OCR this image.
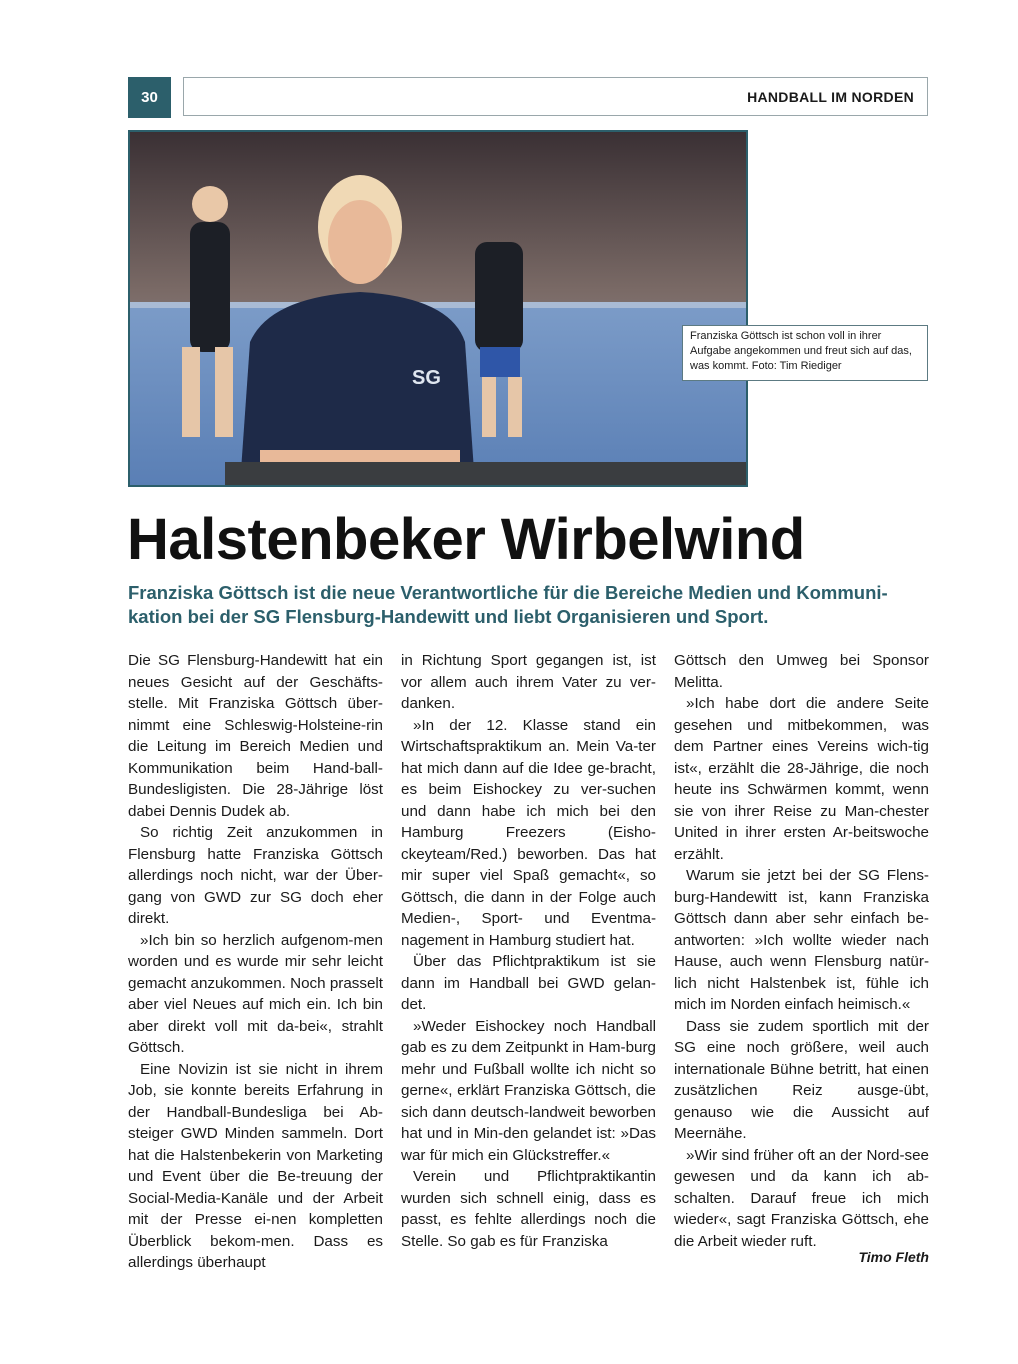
30	HANDBALL IM NORDEN
SG
Franziska Göttsch ist schon voll in ihrer Aufgabe angekommen und freut sich auf das, was kommt. Foto: Tim Riediger
Halstenbeker Wirbelwind

Franziska Göttsch ist die neue Verantwortliche für die Bereiche Medien und Kommuni-kation bei der SG Flensburg-Handewitt und liebt Organisieren und Sport.

Die SG Flensburg-Handewitt hat ein neues Gesicht auf der Geschäfts-stelle. Mit Franziska Göttsch über-nimmt eine Schleswig-Holsteine-rin die Leitung im Bereich Medien und Kommunikation beim Hand-ball-Bundesligisten. Die 28-Jährige löst dabei Dennis Dudek ab.

So richtig Zeit anzukommen in Flensburg hatte Franziska Göttsch allerdings noch nicht, war der Über-gang von GWD zur SG doch eher direkt.

»Ich bin so herzlich aufgenom-men worden und es wurde mir sehr leicht gemacht anzukommen. Noch prasselt aber viel Neues auf mich ein. Ich bin aber direkt voll mit da-bei«, strahlt Göttsch.

Eine Novizin ist sie nicht in ihrem Job, sie konnte bereits Erfahrung in der Handball-Bundesliga bei Ab-steiger GWD Minden sammeln. Dort hat die Halstenbekerin von Marketing und Event über die Be-treuung der Social-Media-Kanäle und der Arbeit mit der Presse ei-nen kompletten Überblick bekom-men. Dass es allerdings überhaupt

in Richtung Sport gegangen ist, ist vor allem auch ihrem Vater zu ver-danken.

»In der 12. Klasse stand ein Wirtschaftspraktikum an. Mein Va-ter hat mich dann auf die Idee ge-bracht, es beim Eishockey zu ver-suchen und dann habe ich mich bei den Hamburg Freezers (Eisho-ckeyteam/Red.) beworben. Das hat mir super viel Spaß gemacht«, so Göttsch, die dann in der Folge auch Medien-, Sport- und Eventma-nagement in Hamburg studiert hat.

Über das Pflichtpraktikum ist sie dann im Handball bei GWD gelan-det.

»Weder Eishockey noch Handball gab es zu dem Zeitpunkt in Ham-burg mehr und Fußball wollte ich nicht so gerne«, erklärt Franziska Göttsch, die sich dann deutsch-landweit beworben hat und in Min-den gelandet ist: »Das war für mich ein Glückstreffer.«

Verein und Pflichtpraktikantin wurden sich schnell einig, dass es passt, es fehlte allerdings noch die Stelle. So gab es für Franziska

Göttsch den Umweg bei Sponsor Melitta.

»Ich habe dort die andere Seite gesehen und mitbekommen, was dem Partner eines Vereins wich-tig ist«, erzählt die 28-Jährige, die noch heute ins Schwärmen kommt, wenn sie von ihrer Reise zu Man-chester United in ihrer ersten Ar-beitswoche erzählt.

Warum sie jetzt bei der SG Flens-burg-Handewitt ist, kann Franziska Göttsch dann aber sehr einfach be-antworten: »Ich wollte wieder nach Hause, auch wenn Flensburg natür-lich nicht Halstenbek ist, fühle ich mich im Norden einfach heimisch.«

Dass sie zudem sportlich mit der SG eine noch größere, weil auch internationale Bühne betritt, hat einen zusätzlichen Reiz ausge-übt, genauso wie die Aussicht auf Meernähe.

»Wir sind früher oft an der Nord-see gewesen und da kann ich ab-schalten. Darauf freue ich mich wieder«, sagt Franziska Göttsch, ehe die Arbeit wieder ruft.

Timo Fleth
